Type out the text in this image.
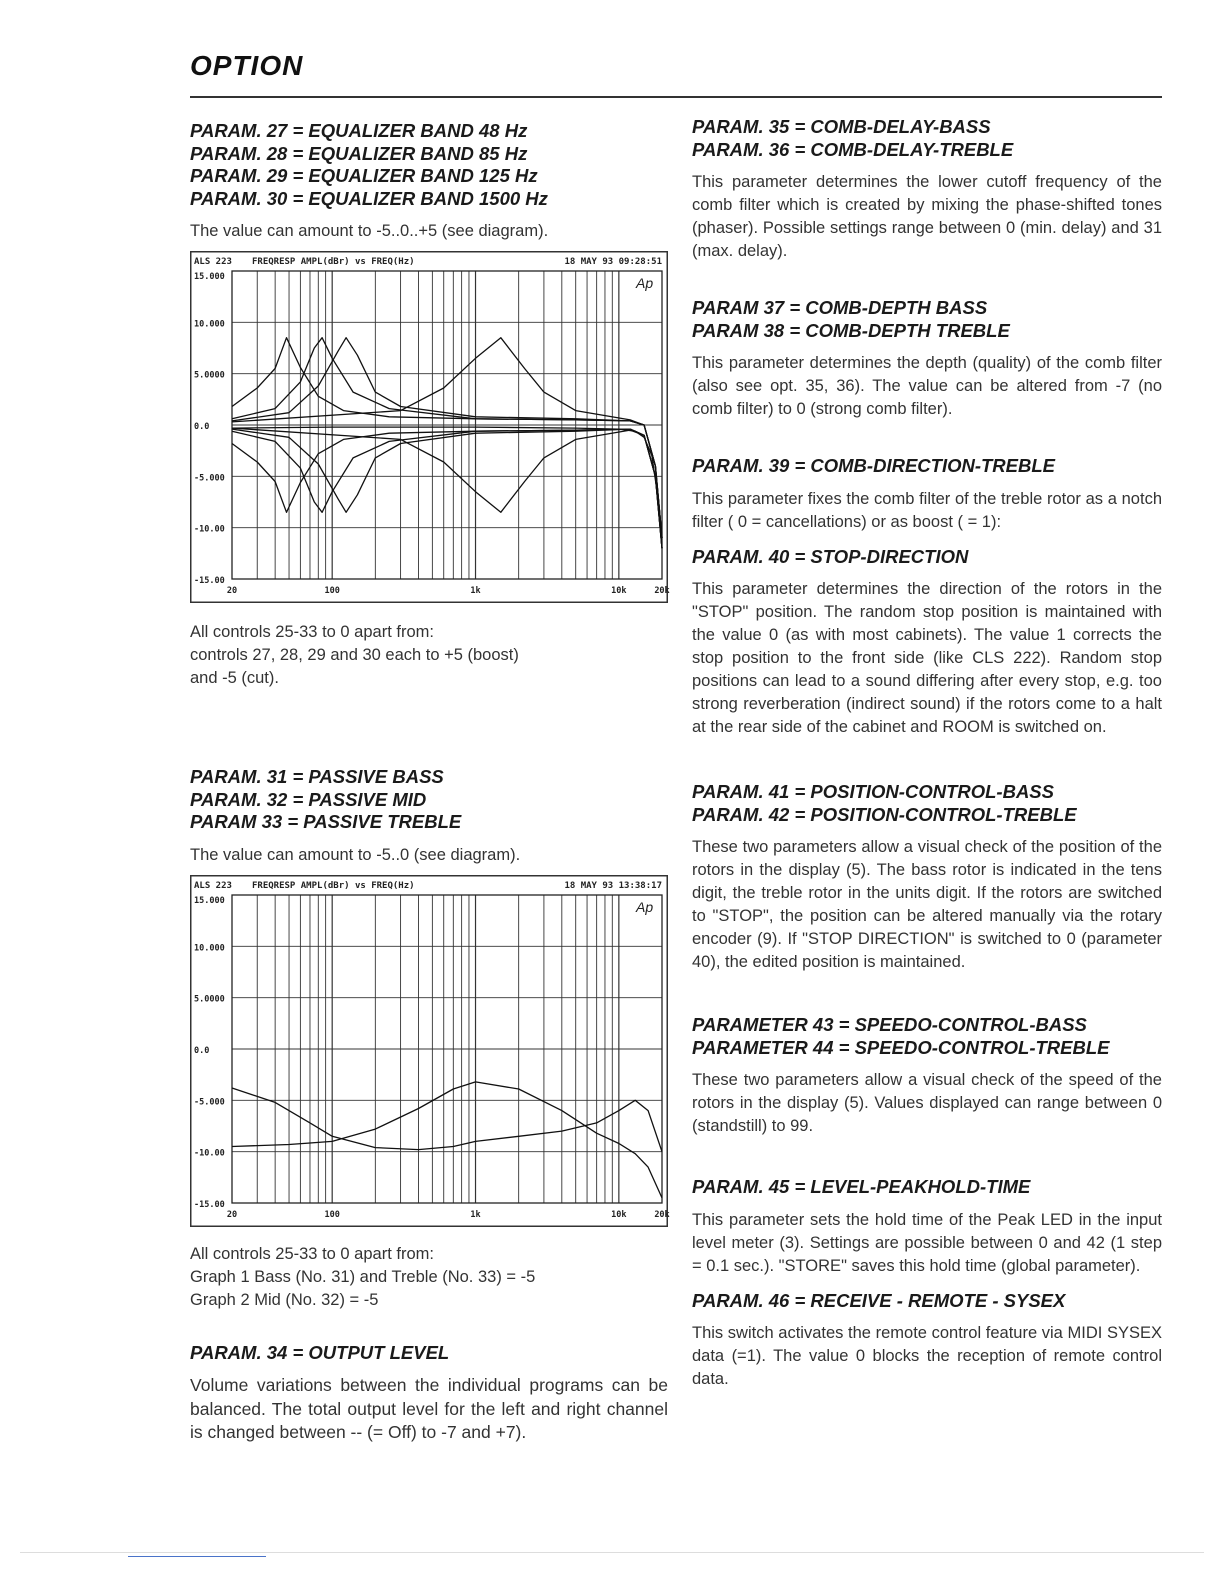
OPTION
PARAM. 27 = EQUALIZER BAND 48 Hz
PARAM. 28 = EQUALIZER BAND 85 Hz
PARAM. 29 = EQUALIZER BAND 125 Hz
PARAM. 30 = EQUALIZER BAND 1500 Hz

The value can amount to -5..0..+5 (see diagram).

ALS 223 FREQRESP AMPL(dBr) vs FREQ(Hz)	18 MAY 93 09:28:51
15.000
10.000
5.0000
0.0
-5.000
-10.00
-15.00
20	100	1k	10k	20k
Ap

All controls 25-33 to 0 apart from:

controls 27, 28, 29 and 30 each to +5 (boost)

and -5 (cut).

PARAM. 31 = PASSIVE BASS
PARAM. 32 = PASSIVE MID
PARAM 33 = PASSIVE TREBLE

The value can amount to -5..0 (see diagram).

ALS 223 FREQRESP AMPL(dBr) vs FREQ(Hz)	18 MAY 93 13:38:17
15.000
10.000
5.0000
0.0
-5.000
-10.00
-15.00
20	100	1k	10k	20k
Ap

All controls 25-33 to 0 apart from:

Graph 1 Bass (No. 31) and Treble (No. 33) = -5

Graph 2 Mid (No. 32) = -5

PARAM. 34 = OUTPUT LEVEL

Volume variations between the individual programs can be balanced. The total output level for the left and right channel is changed between -- (= Off) to -7 and +7).

PARAM. 35 = COMB-DELAY-BASS
PARAM. 36 = COMB-DELAY-TREBLE

This parameter determines the lower cutoff frequency of the comb filter which is created by mixing the phase-shifted tones (phaser). Possible settings range between 0 (min. delay) and 31 (max. delay).

PARAM 37 = COMB-DEPTH BASS
PARAM 38 = COMB-DEPTH TREBLE

This parameter determines the depth (quality) of the comb filter (also see opt. 35, 36). The value can be altered from -7 (no comb filter) to 0 (strong comb filter).

PARAM. 39 = COMB-DIRECTION-TREBLE

This parameter fixes the comb filter of the treble rotor as a notch filter ( 0 = cancellations) or as boost ( = 1):

PARAM. 40 = STOP-DIRECTION

This parameter determines the direction of the rotors in the "STOP" position. The random stop position is maintained with the value 0 (as with most cabinets). The value 1 corrects the stop position to the front side (like CLS 222). Random stop positions can lead to a sound differing after every stop, e.g. too strong reverberation (indirect sound) if the rotors come to a halt at the rear side of the cabinet and ROOM is switched on.

PARAM. 41 = POSITION-CONTROL-BASS
PARAM. 42 = POSITION-CONTROL-TREBLE

These two parameters allow a visual check of the position of the rotors in the display (5). The bass rotor is indicated in the tens digit, the treble rotor in the units digit. If the rotors are switched to "STOP", the position can be altered manually via the rotary encoder (9). If "STOP DIRECTION" is switched to 0 (parameter 40), the edited position is maintained.

PARAMETER 43 = SPEEDO-CONTROL-BASS
PARAMETER 44 = SPEEDO-CONTROL-TREBLE

These two parameters allow a visual check of the speed of the rotors in the display (5). Values displayed can range between 0 (standstill) to 99.

PARAM. 45 = LEVEL-PEAKHOLD-TIME

This parameter sets the hold time of the Peak LED in the input level meter (3). Settings are possible between 0 and 42 (1 step = 0.1 sec.). "STORE" saves this hold time (global parameter).

PARAM. 46 = RECEIVE - REMOTE - SYSEX

This switch activates the remote control feature via MIDI SYSEX data (=1). The value 0 blocks the reception of remote control data.
